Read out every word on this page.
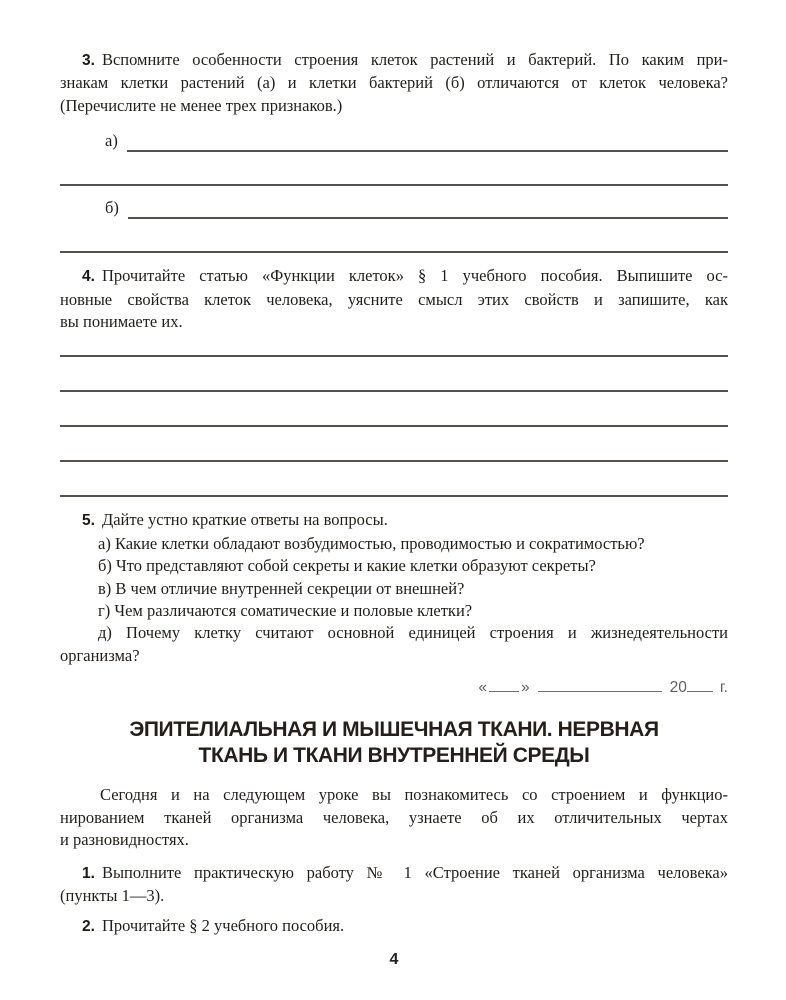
3. Вспомните особенности строения клеток растений и бактерий. По каким при-
знакам клетки растений (а) и клетки бактерий (б) отличаются от клеток человека?
(Перечислите не менее трех признаков.)
а)
б)
4. Прочитайте статью «Функции клеток» § 1 учебного пособия. Выпишите ос-
новные свойства клеток человека, уясните смысл этих свойств и запишите, как
вы понимаете их.
5. Дайте устно краткие ответы на вопросы.
а) Какие клетки обладают возбудимостью, проводимостью и сократимостью?
б) Что представляют собой секреты и какие клетки образуют секреты?
в) В чем отличие внутренней секреции от внешней?
г) Чем различаются соматические и половые клетки?
д) Почему клетку считают основной единицей строения и жизнедеятельности
организма?
« »	20 г.
ЭПИТЕЛИАЛЬНАЯ И МЫШЕЧНАЯ ТКАНИ. НЕРВНАЯ
ТКАНЬ И ТКАНИ ВНУТРЕННЕЙ СРЕДЫ
Сегодня и на следующем уроке вы познакомитесь со строением и функцио-
нированием тканей организма человека, узнаете об их отличительных чертах
и разновидностях.
1. Выполните практическую работу № 1 «Строение тканей организма человека»
(пункты 1—3).
2. Прочитайте § 2 учебного пособия.
4
